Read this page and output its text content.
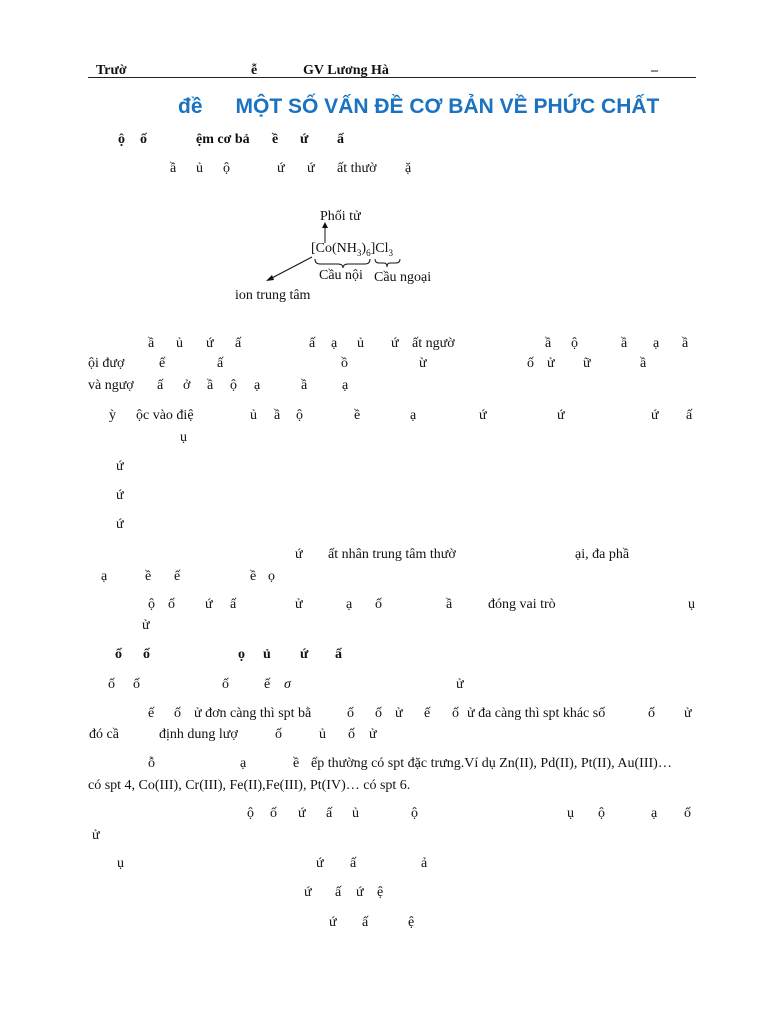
Trườ	ễ	GV Lương Hà	–
đề MỘT SỐ VẤN ĐỀ CƠ BẢN VỀ PHỨC CHẤT
ộ ố	ệm cơ bả ề ứ ấ
ầ ủ ộ	ứ ứ ất thườ ặ
Phối tử
$[Co(NH_3)_6]Cl_3$
Cầu nội Cầu ngoại
ion trung tâm
ầ ủ ứ ấ	ấ ạ ủ ứ ất ngườ	ầ ộ	ầ ạ ầ
ội đượ ế	ấ	ồ	ừ	ố ử ữ	ầ
và ngượ ấ ở ầ ộ ạ	ầ ạ
ỳ ộc vào điệ	ủ ầ ộ	ề	ạ	ứ	ứ	ứ ấ
ụ
ứ
ứ
ứ
ứ ất nhân trung tâm thườ	ại, đa phầ
ạ	ề ế	ề ọ
ộ ố ứ ấ	ử	ạ ố	ầ	đóng vai trò	ụ
ử
ố ố	ọ ủ ứ ấ
ố ố	ố	ế σ	ử
ế ố ử đơn càng thì spt bằ	ố ố ử ế ố ử đa càng thì spt khác số	ố ử
đó cầ	định dung lượ	ố	ủ ố ử
ỗ	ạ	ề ếp thường có spt đặc trưng.Ví dụ Zn(II), Pd(II), Pt(II), Au(III)…
có spt 4, Co(III), Cr(III), Fe(II),Fe(III), Pt(IV)… có spt 6.
ộ ố ứ ấ ủ	ộ	ụ ộ	ạ ố
ử
ụ	ứ ấ	ả
ứ ấ ứ ệ
ứ ấ	ệ
